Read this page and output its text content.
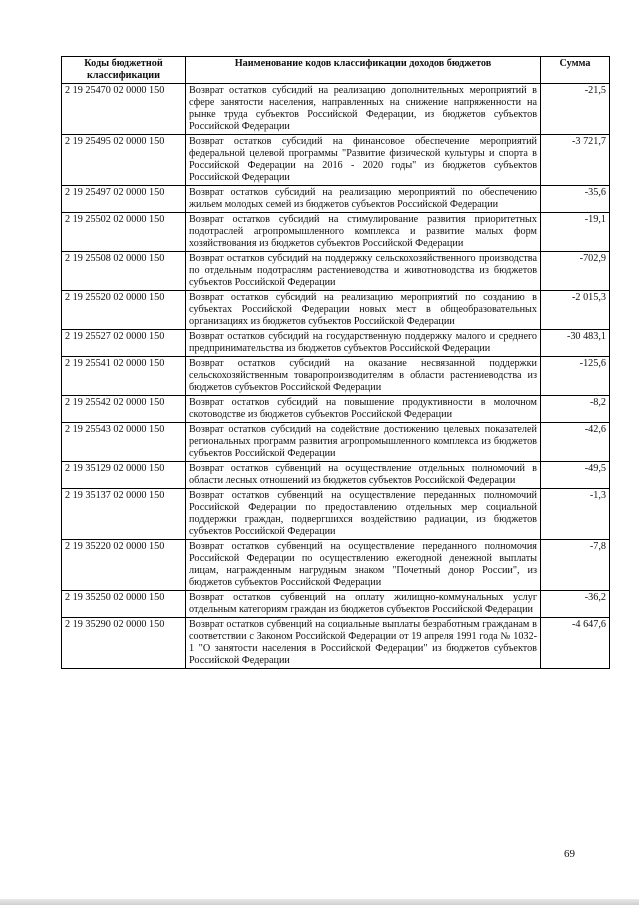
Коды бюджетной классификации	Наименование кодов классификации доходов бюджетов	Сумма
2 19 25470 02 0000 150	Возврат остатков субсидий на реализацию дополнительных мероприятий в сфере занятости населения, направленных на снижение напряженности на рынке труда субъектов Российской Федерации, из бюджетов субъектов Российской Федерации	-21,5
2 19 25495 02 0000 150	Возврат остатков субсидий на финансовое обеспечение мероприятий федеральной целевой программы "Развитие физической культуры и спорта в Российской Федерации на 2016 - 2020 годы" из бюджетов субъектов Российской Федерации	-3 721,7
2 19 25497 02 0000 150	Возврат остатков субсидий на реализацию мероприятий по обеспечению жильем молодых семей из бюджетов субъектов Российской Федерации	-35,6
2 19 25502 02 0000 150	Возврат остатков субсидий на стимулирование развития приоритетных подотраслей агропромышленного комплекса и развитие малых форм хозяйствования из бюджетов субъектов Российской Федерации	-19,1
2 19 25508 02 0000 150	Возврат остатков субсидий на поддержку сельскохозяйственного производства по отдельным подотраслям растениеводства и животноводства из бюджетов субъектов Российской Федерации	-702,9
2 19 25520 02 0000 150	Возврат остатков субсидий на реализацию мероприятий по созданию в субъектах Российской Федерации новых мест в общеобразовательных организациях из бюджетов субъектов Российской Федерации	-2 015,3
2 19 25527 02 0000 150	Возврат остатков субсидий на государственную поддержку малого и среднего предпринимательства из бюджетов субъектов Российской Федерации	-30 483,1
2 19 25541 02 0000 150	Возврат остатков субсидий на оказание несвязанной поддержки сельскохозяйственным товаропроизводителям в области растениеводства из бюджетов субъектов Российской Федерации	-125,6
2 19 25542 02 0000 150	Возврат остатков субсидий на повышение продуктивности в молочном скотоводстве из бюджетов субъектов Российской Федерации	-8,2
2 19 25543 02 0000 150	Возврат остатков субсидий на содействие достижению целевых показателей региональных программ развития агропромышленного комплекса из бюджетов субъектов Российской Федерации	-42,6
2 19 35129 02 0000 150	Возврат остатков субвенций на осуществление отдельных полномочий в области лесных отношений из бюджетов субъектов Российской Федерации	-49,5
2 19 35137 02 0000 150	Возврат остатков субвенций на осуществление переданных полномочий Российской Федерации по предоставлению отдельных мер социальной поддержки граждан, подвергшихся воздействию радиации, из бюджетов субъектов Российской Федерации	-1,3
2 19 35220 02 0000 150	Возврат остатков субвенций на осуществление переданного полномочия Российской Федерации по осуществлению ежегодной денежной выплаты лицам, награжденным нагрудным знаком "Почетный донор России", из бюджетов субъектов Российской Федерации	-7,8
2 19 35250 02 0000 150	Возврат остатков субвенций на оплату жилищно-коммунальных услуг отдельным категориям граждан из бюджетов субъектов Российской Федерации	-36,2
2 19 35290 02 0000 150	Возврат остатков субвенций на социальные выплаты безработным гражданам в соответствии с Законом Российской Федерации от 19 апреля 1991 года № 1032-1 "О занятости населения в Российской Федерации" из бюджетов субъектов Российской Федерации	-4 647,6
69
